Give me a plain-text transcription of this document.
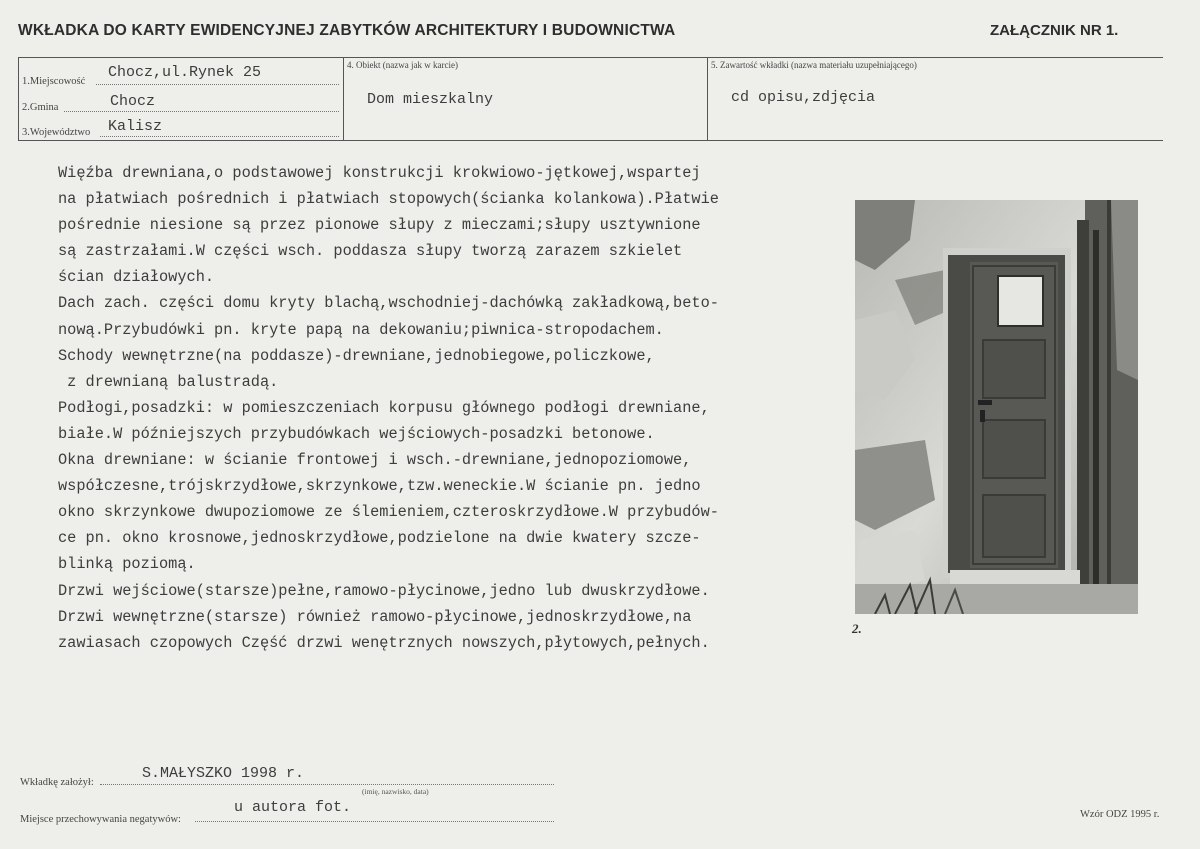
WKŁADKA DO KARTY EWIDENCYJNEJ ZABYTKÓW ARCHITEKTURY I BUDOWNICTWA	ZAŁĄCZNIK NR 1.
1.Miejscowość
Chocz,ul.Rynek 25
2.Gmina	Chocz
3.Województwo Kalisz
4. Obiekt (nazwa jak w karcie)
Dom mieszkalny
5. Zawartość wkładki (nazwa materiału uzupełniającego)
cd opisu,zdjęcia
Więźba drewniana,o podstawowej konstrukcji krokwiowo-jętkowej,wspartej
na płatwiach pośrednich i płatwiach stopowych(ścianka kolankowa).Płatwie
pośrednie niesione są przez pionowe słupy z mieczami;słupy usztywnione
są zastrzałami.W części wsch. poddasza słupy tworzą zarazem szkielet
ścian działowych.
Dach zach. części domu kryty blachą,wschodniej-dachówką zakładkową,beto-
nową.Przybudówki pn. kryte papą na dekowaniu;piwnica-stropodachem.
Schody wewnętrzne(na poddasze)-drewniane,jednobiegowe,policzkowe,
z drewnianą balustradą.
Podłogi,posadzki: w pomieszczeniach korpusu głównego podłogi drewniane,
białe.W późniejszych przybudówkach wejściowych-posadzki betonowe.
Okna drewniane: w ścianie frontowej i wsch.-drewniane,jednopoziomowe,
współczesne,trójskrzydłowe,skrzynkowe,tzw.weneckie.W ścianie pn. jedno
okno skrzynkowe dwupoziomowe ze ślemieniem,czteroskrzydłowe.W przybudów-
ce pn. okno krosnowe,jednoskrzydłowe,podzielone na dwie kwatery szcze-
blinką poziomą.
Drzwi wejściowe(starsze)pełne,ramowo-płycinowe,jedno lub dwuskrzydłowe.
Drzwi wewnętrzne(starsze) również ramowo-płycinowe,jednoskrzydłowe,na
zawiasach czopowych Część drzwi wenętrznych nowszych,płytowych,pełnych.
2.
Wkładkę założył:
S.MAŁYSZKO 1998 r.
(imię, nazwisko, data)
Miejsce przechowywania negatywów:
u autora fot.	Wzór ODZ 1995 r.
